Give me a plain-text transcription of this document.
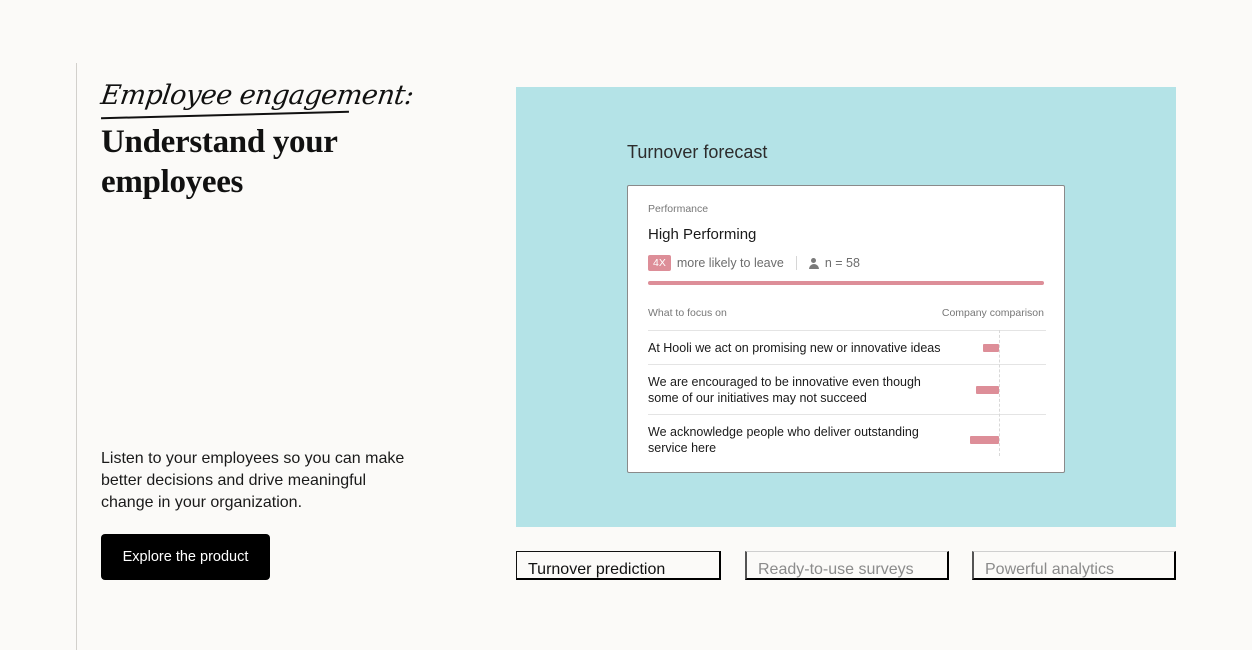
Employee engagement:
Understand your employees

Listen to your employees so you can make better decisions and drive meaningful change in your organization.

Explore the product
Turnover forecast
Performance
High Performing
4X more likely to leave	n = 58
What to focus on	Company comparison
At Hooli we act on promising new or innovative ideas
We are encouraged to be innovative even though some of our initiatives may not succeed
We acknowledge people who deliver outstanding service here
Turnover prediction	Ready-to-use surveys	Powerful analytics
